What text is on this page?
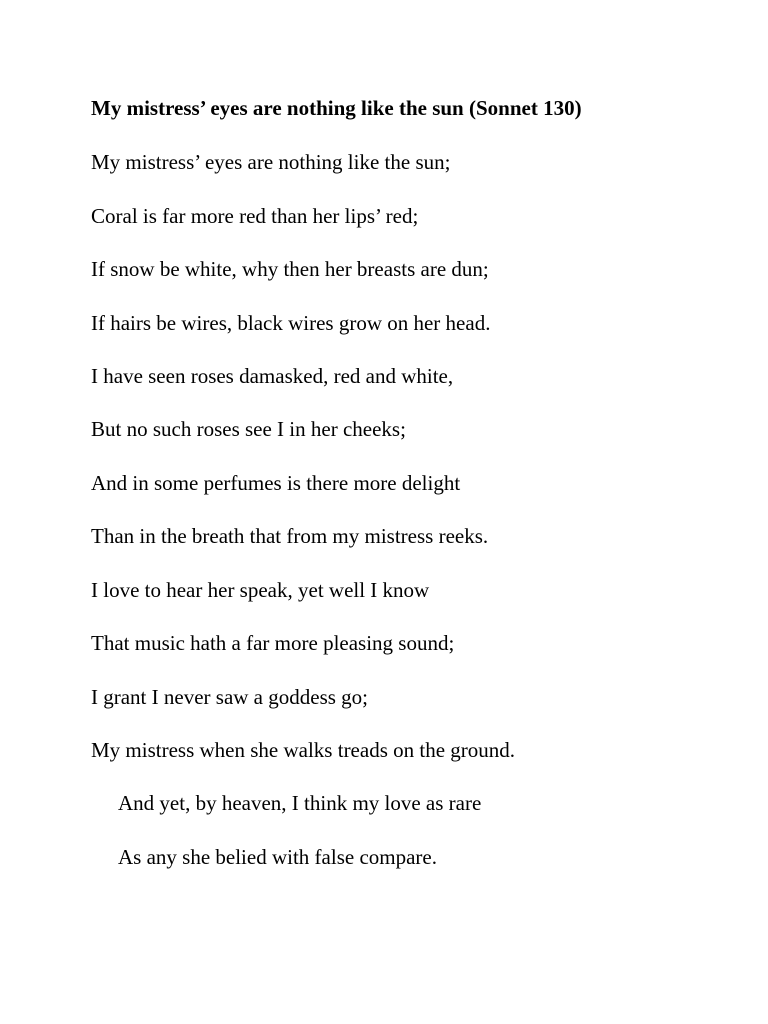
My mistress’ eyes are nothing like the sun (Sonnet 130)
My mistress’ eyes are nothing like the sun;
Coral is far more red than her lips’ red;
If snow be white, why then her breasts are dun;
If hairs be wires, black wires grow on her head.
I have seen roses damasked, red and white,
But no such roses see I in her cheeks;
And in some perfumes is there more delight
Than in the breath that from my mistress reeks.
I love to hear her speak, yet well I know
That music hath a far more pleasing sound;
I grant I never saw a goddess go;
My mistress when she walks treads on the ground.
And yet, by heaven, I think my love as rare
As any she belied with false compare.
